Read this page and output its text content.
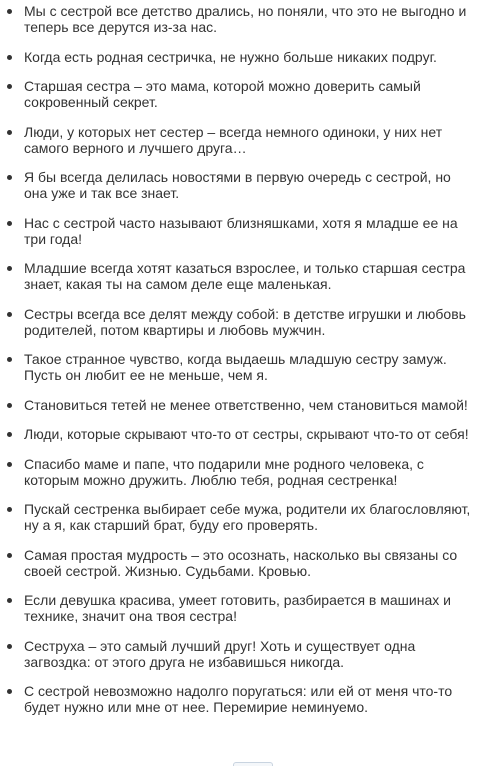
Мы с сестрой все детство дрались, но поняли, что это не выгодно и теперь все дерутся из-за нас.
Когда есть родная сестричка, не нужно больше никаких подруг.
Старшая сестра – это мама, которой можно доверить самый сокровенный секрет.
Люди, у которых нет сестер – всегда немного одиноки, у них нет самого верного и лучшего друга…
Я бы всегда делилась новостями в первую очередь с сестрой, но она уже и так все знает.
Нас с сестрой часто называют близняшками, хотя я младше ее на три года!
Младшие всегда хотят казаться взрослее, и только старшая сестра знает, какая ты на самом деле еще маленькая.
Сестры всегда все делят между собой: в детстве игрушки и любовь родителей, потом квартиры и любовь мужчин.
Такое странное чувство, когда выдаешь младшую сестру замуж. Пусть он любит ее не меньше, чем я.
Становиться тетей не менее ответственно, чем становиться мамой!
Люди, которые скрывают что-то от сестры, скрывают что-то от себя!
Спасибо маме и папе, что подарили мне родного человека, с которым можно дружить. Люблю тебя, родная сестренка!
Пускай сестренка выбирает себе мужа, родители их благословляют, ну а я, как старший брат, буду его проверять.
Самая простая мудрость – это осознать, насколько вы связаны со своей сестрой. Жизнью. Судьбами. Кровью.
Если девушка красива, умеет готовить, разбирается в машинах и технике, значит она твоя сестра!
Сеструха – это самый лучший друг! Хоть и существует одна загвоздка: от этого друга не избавишься никогда.
С сестрой невозможно надолго поругаться: или ей от меня что-то будет нужно или мне от нее. Перемирие неминуемо.
